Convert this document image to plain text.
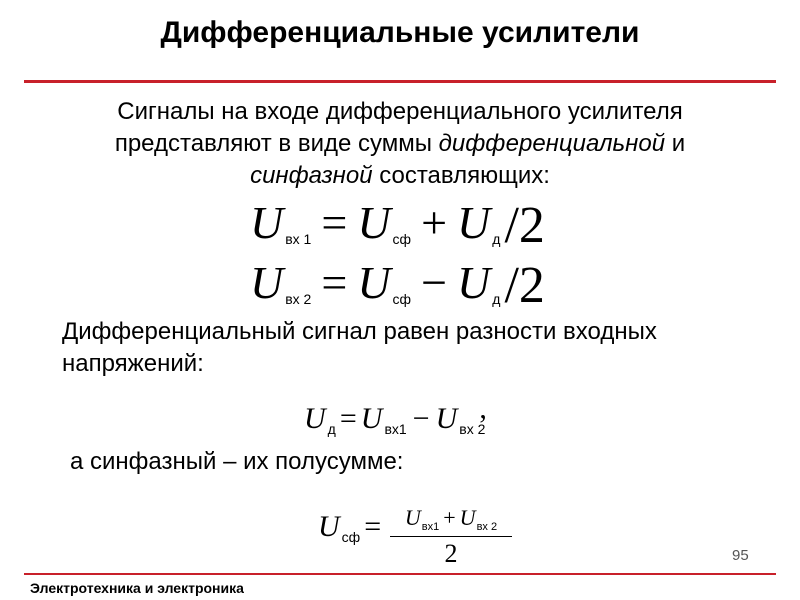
Дифференциальные усилители
Сигналы на входе дифференциального усилителя
представляют в виде суммы дифференциальной и
синфазной составляющих:
U $_{вх 1}$ = U $_{сф}$ + U $_д$/2
U $_{вх 2}$ = U $_{сф}$ − U $_д$/2
Дифференциальный сигнал равен разности входных
напряжений:
U $_д$ = U $_{вх1}$ − U $_{вх 2}$,
а синфазный – их полусумме:
U $_{сф}$ =	$U_{вх1} + U_{вх 2}$
2	95
Электротехника и электроника
